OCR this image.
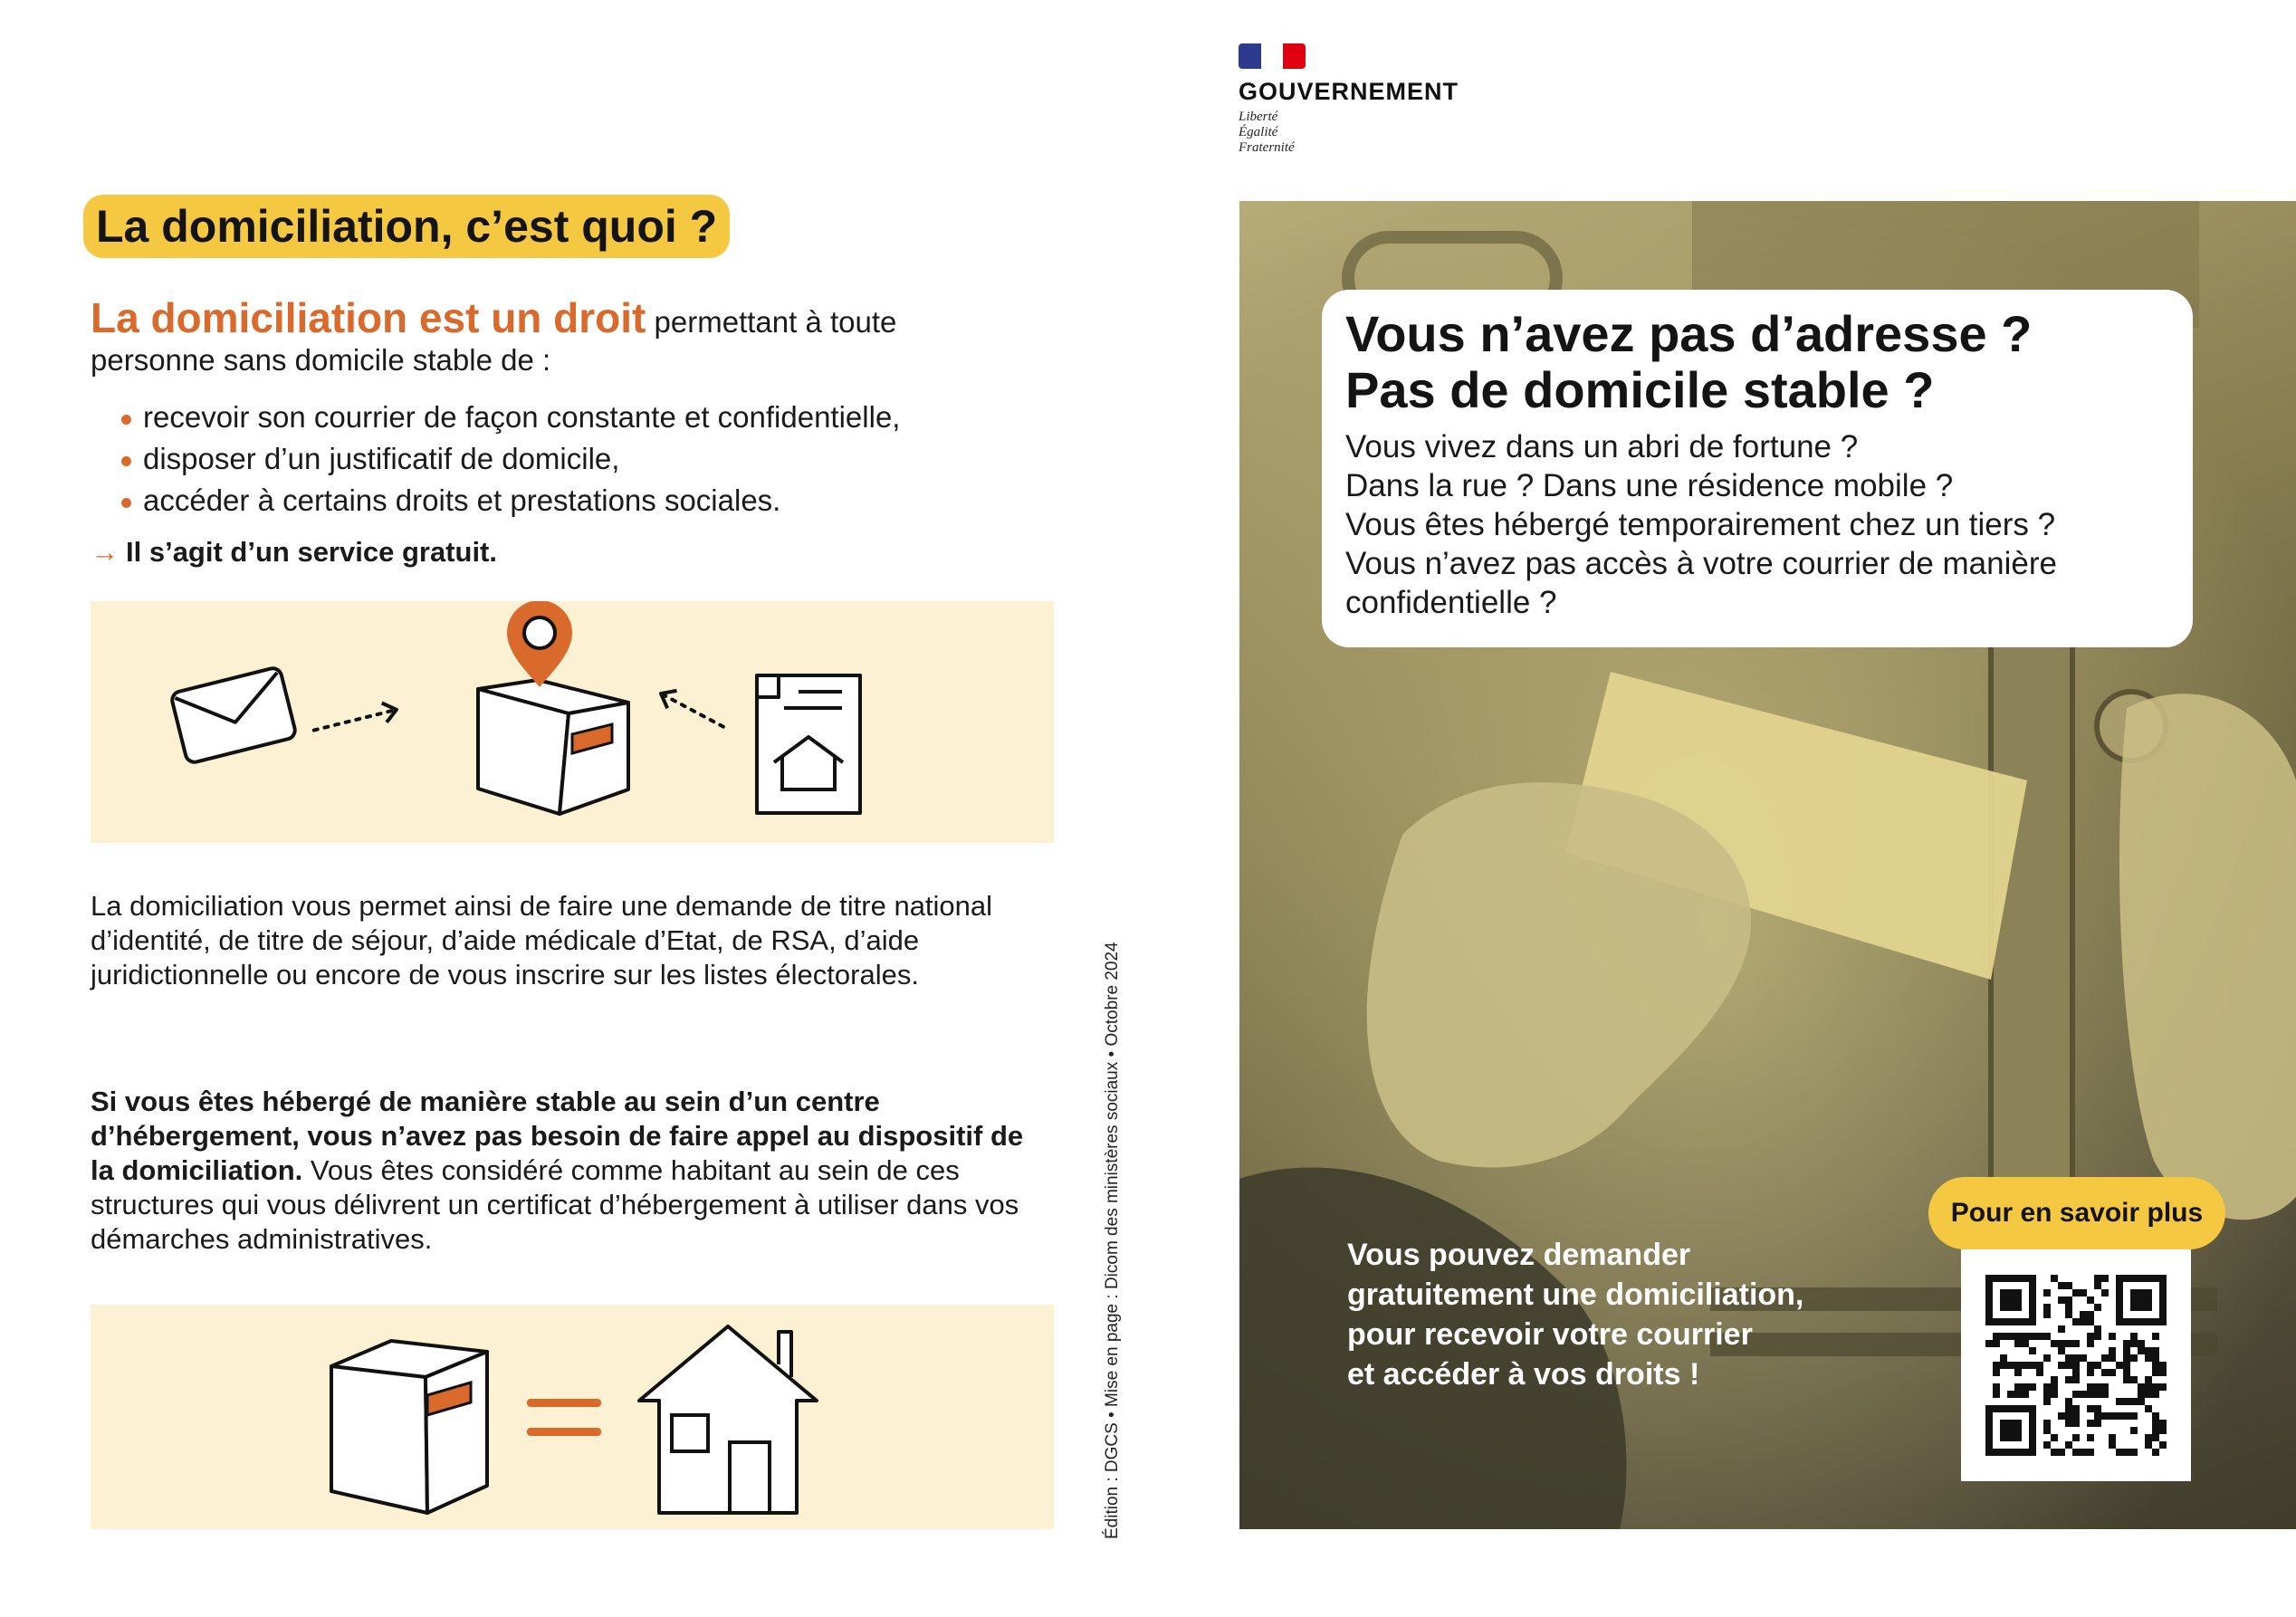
La domiciliation, c’est quoi ?
La domiciliation est un droit permettant à toute personne sans domicile stable de :
recevoir son courrier de façon constante et confidentielle,
disposer d’un justificatif de domicile,
accéder à certains droits et prestations sociales.
→ Il s’agit d’un service gratuit.
La domiciliation vous permet ainsi de faire une demande de titre national d’identité, de titre de séjour, d’aide médicale d’Etat, de RSA, d’aide juridictionnelle ou encore de vous inscrire sur les listes électorales.
Si vous êtes hébergé de manière stable au sein d’un centre d’hébergement, vous n’avez pas besoin de faire appel au dispositif de la domiciliation. Vous êtes considéré comme habitant au sein de ces structures qui vous délivrent un certificat d’hébergement à utiliser dans vos démarches administratives.	Édition : DGCS • Mise en page : Dicom des ministères sociaux • Octobre 2024
GOUVERNEMENT
Liberté
Égalité
Fraternité
Vous n’avez pas d’adresse ?
Pas de domicile stable ?

Vous vivez dans un abri de fortune ?
Dans la rue ? Dans une résidence mobile ?
Vous êtes hébergé temporairement chez un tiers ?
Vous n’avez pas accès à votre courrier de manière confidentielle ?

Vous pouvez demander
gratuitement une domiciliation,
pour recevoir votre courrier
et accéder à vos droits !
Pour en savoir plus
